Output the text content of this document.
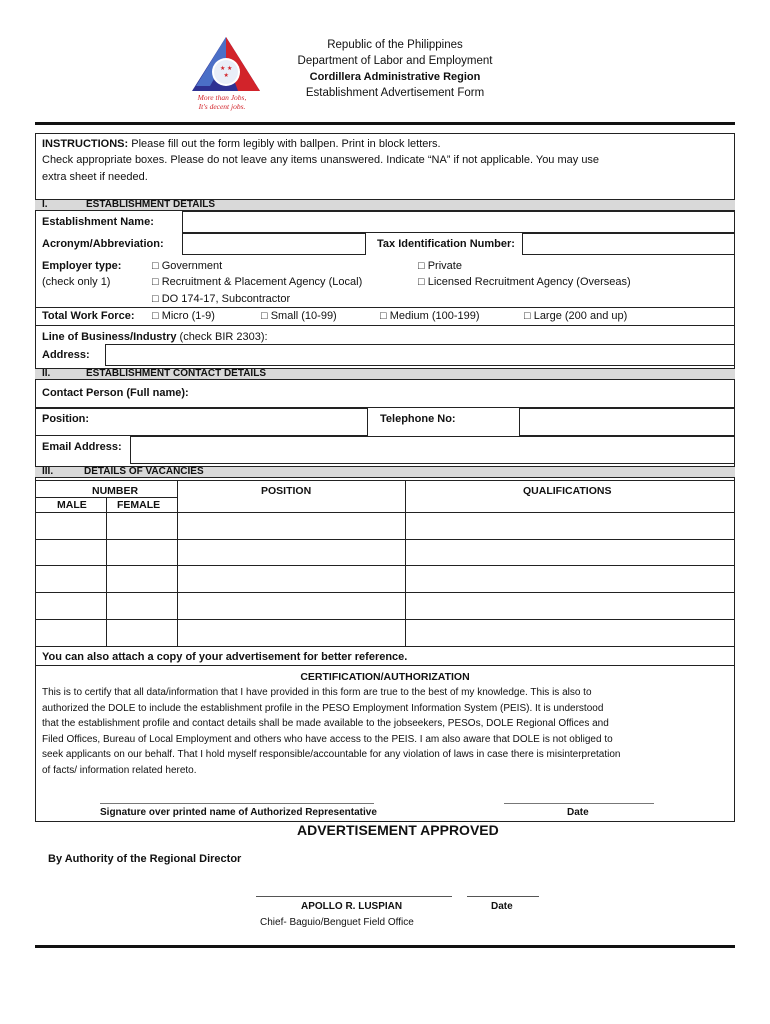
★ ★
★
More than Jobs,
It's decent jobs.
Republic of the Philippines
Department of Labor and Employment
Cordillera Administrative Region
Establishment Advertisement Form
INSTRUCTIONS: Please fill out the form legibly with ballpen. Print in block letters.
Check appropriate boxes. Please do not leave any items unanswered. Indicate “NA” if not applicable. You may use
extra sheet if needed.
I.	ESTABLISHMENT DETAILS
Establishment Name:
Acronym/Abbreviation:	Tax Identification Number:
Employer type:
(check only 1)
□ Government	□ Private
□ Recruitment & Placement Agency (Local)	□ Licensed Recruitment Agency (Overseas)
□ DO 174-17, Subcontractor
Total Work Force: □ Micro (1-9)	□ Small (10-99)	□ Medium (100-199)	□ Large (200 and up)
Line of Business/Industry (check BIR 2303):
Address:
II.	ESTABLISHMENT CONTACT DETAILS
Contact Person (Full name):
Position:	Telephone No:
Email Address:
III.	DETAILS OF VACANCIES
NUMBER
MALE	FEMALE
POSITION	QUALIFICATIONS
You can also attach a copy of your advertisement for better reference.
CERTIFICATION/AUTHORIZATION
This is to certify that all data/information that I have provided in this form are true to the best of my knowledge. This is also to
authorized the DOLE to include the establishment profile in the PESO Employment Information System (PEIS). It is understood
that the establishment profile and contact details shall be made available to the jobseekers, PESOs, DOLE Regional Offices and
Filed Offices, Bureau of Local Employment and others who have access to the PEIS. I am also aware that DOLE is not obliged to
seek applicants on our behalf. That I hold myself responsible/accountable for any violation of laws in case there is misinterpretation
of facts/ information related hereto.
Signature over printed name of Authorized Representative	Date
ADVERTISEMENT APPROVED
By Authority of the Regional Director
APOLLO R. LUSPIAN	Date
Chief- Baguio/Benguet Field Office
